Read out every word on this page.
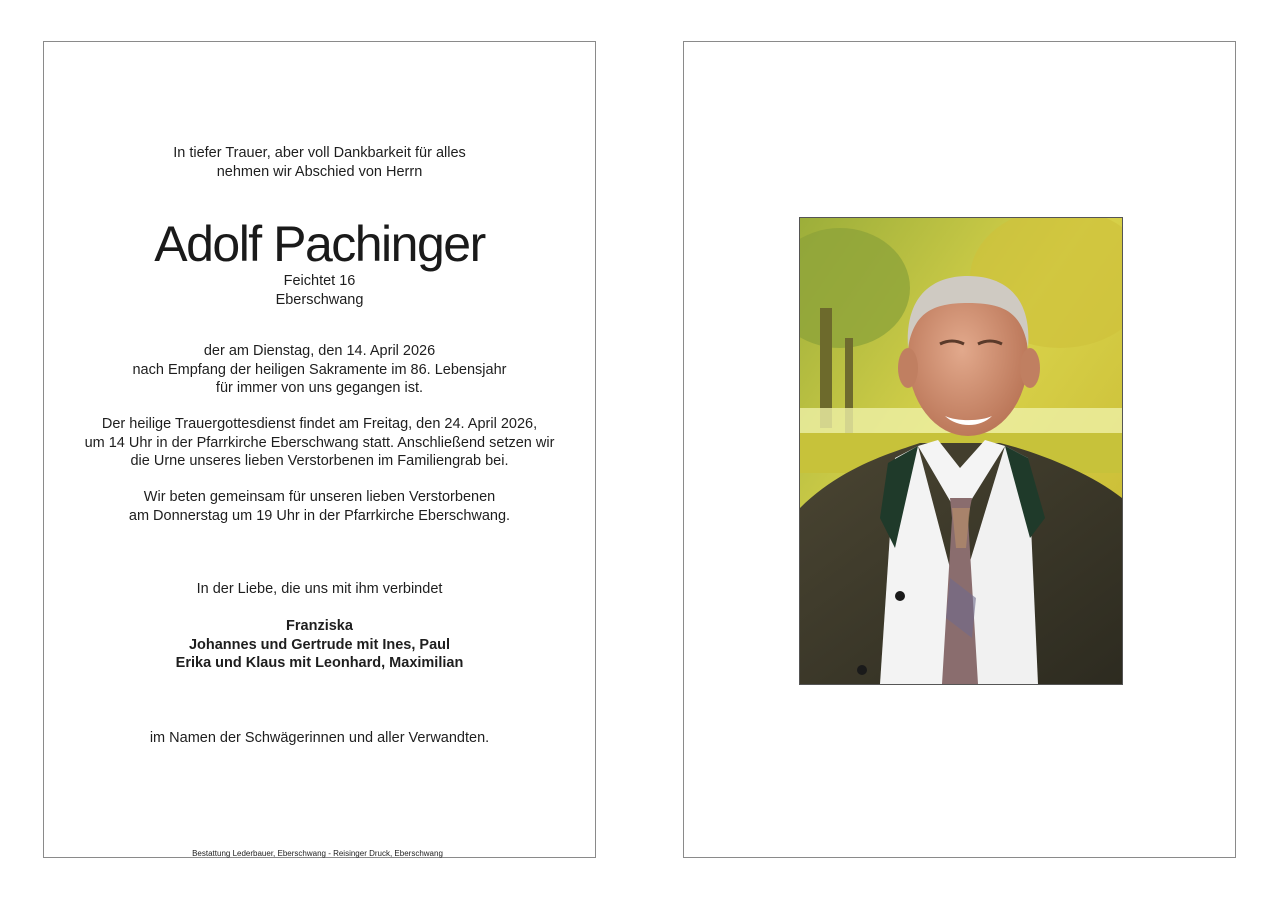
In tiefer Trauer, aber voll Dankbarkeit für alles
nehmen wir Abschied von Herrn
Adolf Pachinger
Feichtet 16
Eberschwang
der am Dienstag, den 14. April 2026
nach Empfang der heiligen Sakramente im 86. Lebensjahr
für immer von uns gegangen ist.
Der heilige Trauergottesdienst findet am Freitag, den 24. April 2026,
um 14 Uhr in der Pfarrkirche Eberschwang statt. Anschließend setzen wir
die Urne unseres lieben Verstorbenen im Familiengrab bei.
Wir beten gemeinsam für unseren lieben Verstorbenen
am Donnerstag um 19 Uhr in der Pfarrkirche Eberschwang.
In der Liebe, die uns mit ihm verbindet
Franziska
Johannes und Gertrude mit Ines, Paul
Erika und Klaus mit Leonhard, Maximilian
im Namen der Schwägerinnen und aller Verwandten.
Bestattung Lederbauer, Eberschwang - Reisinger Druck, Eberschwang
